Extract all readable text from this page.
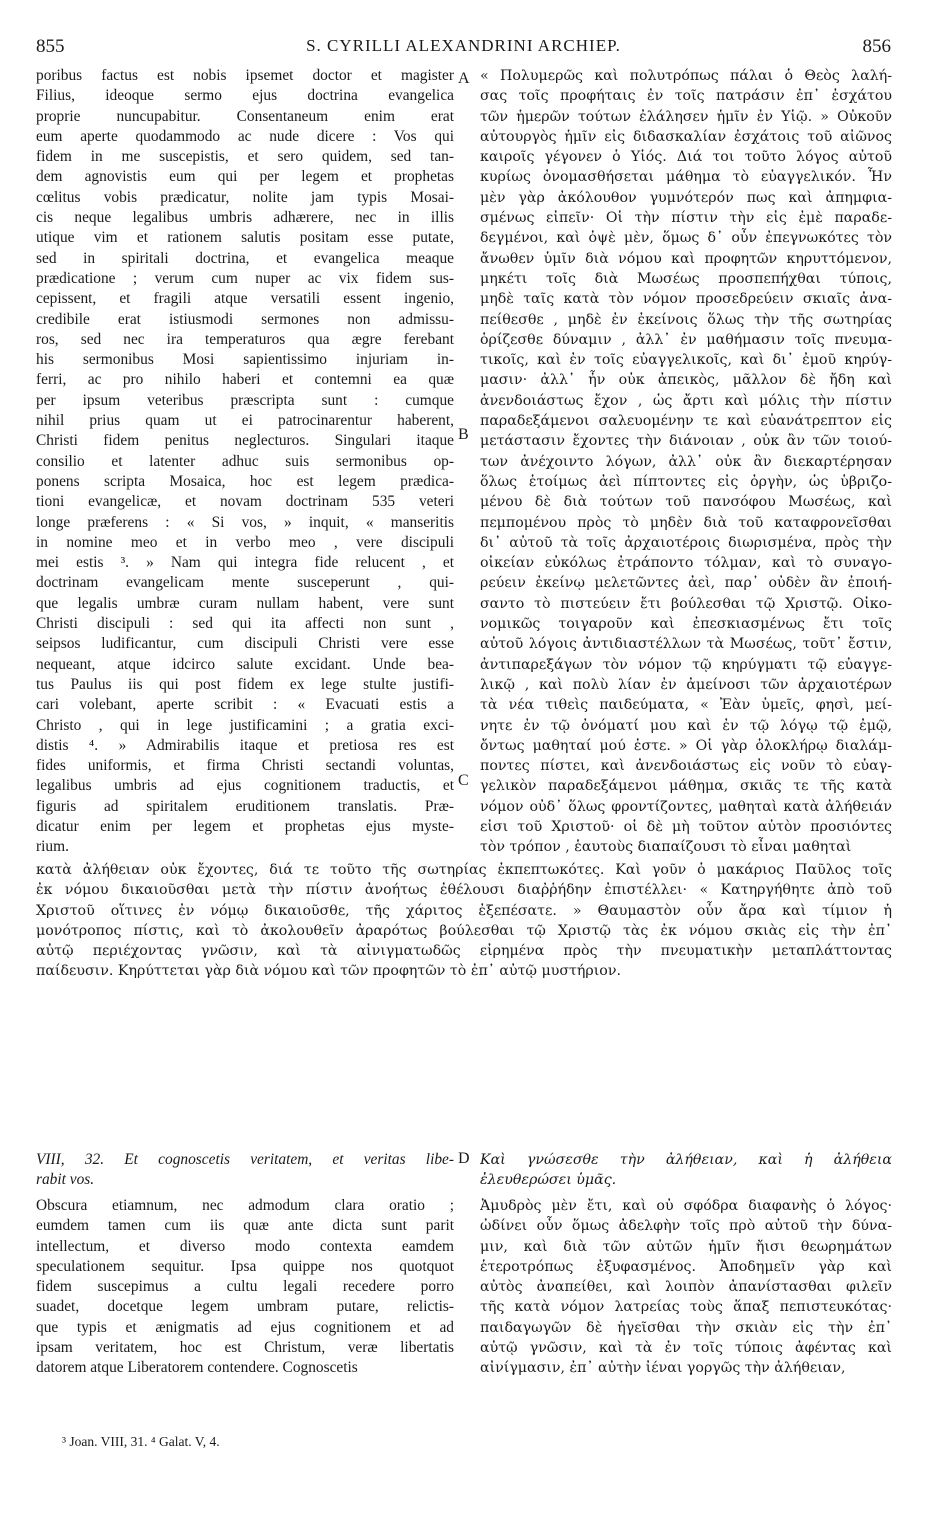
855	S. CYRILLI ALEXANDRINI ARCHIEP.	856
A
B
C
D
poribus factus est nobis ipsemet doctor et magister
Filius, ideoque sermo ejus doctrina evangelica
proprie nuncupabitur. Consentaneum enim erat
eum aperte quodammodo ac nude dicere : Vos qui
fidem in me suscepistis, et sero quidem, sed tan-
dem agnovistis eum qui per legem et prophetas
cœlitus vobis prædicatur, nolite jam typis Mosai-
cis neque legalibus umbris adhærere, nec in illis
utique vim et rationem salutis positam esse putate,
sed in spiritali doctrina, et evangelica meaque
prædicatione ; verum cum nuper ac vix fidem sus-
cepissent, et fragili atque versatili essent ingenio,
credibile erat istiusmodi sermones non admissu-
ros, sed nec ira temperaturos qua ægre ferebant
his sermonibus Mosi sapientissimo injuriam in-
ferri, ac pro nihilo haberi et contemni ea quæ
per ipsum veteribus præscripta sunt : cumque
nihil prius quam ut ei patrocinarentur haberent,
Christi fidem penitus neglecturos. Singulari itaque
consilio et latenter adhuc suis sermonibus op-
ponens scripta Mosaica, hoc est legem prædica-
tioni evangelicæ, et novam doctrinam 535 veteri
longe præferens : « Si vos, » inquit, « manseritis
in nomine meo et in verbo meo , vere discipuli
mei estis ³. » Nam qui integra fide relucent , et
doctrinam evangelicam mente susceperunt , qui-
que legalis umbræ curam nullam habent, vere sunt
Christi discipuli : sed qui ita affecti non sunt ,
seipsos ludificantur, cum discipuli Christi vere esse
nequeant, atque idcirco salute excidant. Unde bea-
tus Paulus iis qui post fidem ex lege stulte justifi-
cari volebant, aperte scribit : « Evacuati estis a
Christo , qui in lege justificamini ; a gratia exci-
distis ⁴. » Admirabilis itaque et pretiosa res est
fides uniformis, et firma Christi sectandi voluntas,
legalibus umbris ad ejus cognitionem traductis, et
figuris ad spiritalem eruditionem translatis. Præ-
dicatur enim per legem et prophetas ejus myste-
rium.
« Πολυμερῶς καὶ πολυτρόπως πάλαι ὁ Θεὸς λαλή-
σας τοῖς προφήταις ἐν τοῖς πατράσιν ἐπ᾽ ἐσχάτου
τῶν ἡμερῶν τούτων ἐλάλησεν ἡμῖν ἐν Υἱῷ. » Οὐκοῦν
αὐτουργὸς ἡμῖν εἰς διδασκαλίαν ἐσχάτοις τοῦ αἰῶνος
καιροῖς γέγονεν ὁ Υἱός. Διά τοι τοῦτο λόγος αὐτοῦ
κυρίως ὀνομασθήσεται μάθημα τὸ εὐαγγελικόν. Ἦν
μὲν γὰρ ἀκόλουθον γυμνότερόν πως καὶ ἀπημφια-
σμένως εἰπεῖν· Οἱ τὴν πίστιν τὴν εἰς ἐμὲ παραδε-
δεγμένοι, καὶ ὀψὲ μὲν, ὅμως δ᾽ οὖν ἐπεγνωκότες τὸν
ἄνωθεν ὑμῖν διὰ νόμου καὶ προφητῶν κηρυττόμενον,
μηκέτι τοῖς διὰ Μωσέως προσπεπήχθαι τύποις,
μηδὲ ταῖς κατὰ τὸν νόμον προσεδρεύειν σκιαῖς ἀνα-
πείθεσθε , μηδὲ ἐν ἐκείνοις ὅλως τὴν τῆς σωτηρίας
ὁρίζεσθε δύναμιν , ἀλλ᾽ ἐν μαθήμασιν τοῖς πνευμα-
τικοῖς, καὶ ἐν τοῖς εὐαγγελικοῖς, καὶ δι᾽ ἐμοῦ κηρύγ-
μασιν· ἀλλ᾽ ἦν οὐκ ἀπεικὸς, μᾶλλον δὲ ἤδη καὶ
ἀνενδοιάστως ἔχον , ὡς ἄρτι καὶ μόλις τὴν πίστιν
παραδεξάμενοι σαλευομένην τε καὶ εὐανάτρεπτον εἰς
μετάστασιν ἔχοντες τὴν διάνοιαν , οὐκ ἂν τῶν τοιού-
των ἀνέχοιντο λόγων, ἀλλ᾽ οὐκ ἂν διεκαρτέρησαν
ὅλως ἑτοίμως ἀεὶ πίπτοντες εἰς ὀργὴν, ὡς ὑβριζο-
μένου δὲ διὰ τούτων τοῦ πανσόφου Μωσέως, καὶ
πεμπομένου πρὸς τὸ μηδὲν διὰ τοῦ καταφρονεῖσθαι
δι᾽ αὐτοῦ τὰ τοῖς ἀρχαιοτέροις διωρισμένα, πρὸς τὴν
οἰκείαν εὐκόλως ἐτράποντο τόλμαν, καὶ τὸ συναγο-
ρεύειν ἐκείνῳ μελετῶντες ἀεὶ, παρ᾽ οὐδὲν ἂν ἐποιή-
σαντο τὸ πιστεύειν ἔτι βούλεσθαι τῷ Χριστῷ. Οἰκο-
νομικῶς τοιγαροῦν καὶ ἐπεσκιασμένως ἔτι τοῖς
αὐτοῦ λόγοις ἀντιδιαστέλλων τὰ Μωσέως, τοῦτ᾽ ἔστιν,
ἀντιπαρεξάγων τὸν νόμον τῷ κηρύγματι τῷ εὐαγγε-
λικῷ , καὶ πολὺ λίαν ἐν ἀμείνοσι τῶν ἀρχαιοτέρων
τὰ νέα τιθεὶς παιδεύματα, « Ἐὰν ὑμεῖς, φησὶ, μεί-
νητε ἐν τῷ ὀνόματί μου καὶ ἐν τῷ λόγῳ τῷ ἐμῷ,
ὄντως μαθηταί μού ἐστε. » Οἱ γὰρ ὁλοκλήρῳ διαλάμ-
ποντες πίστει, καὶ ἀνενδοιάστως εἰς νοῦν τὸ εὐαγ-
γελικὸν παραδεξάμενοι μάθημα, σκιᾶς τε τῆς κατὰ
νόμον οὐδ᾽ ὅλως φροντίζοντες, μαθηταὶ κατὰ ἀλήθειάν
εἰσι τοῦ Χριστοῦ· οἱ δὲ μὴ τοῦτον αὐτὸν προσιόντες
τὸν τρόπον , ἑαυτοὺς διαπαίζουσι τὸ εἶναι μαθηταὶ
κατὰ ἀλήθειαν οὐκ ἔχοντες, διά τε τοῦτο τῆς σωτηρίας ἐκπεπτωκότες. Καὶ γοῦν ὁ μακάριος Παῦλος τοῖς
ἐκ νόμου δικαιοῦσθαι μετὰ τὴν πίστιν ἀνοήτως ἐθέλουσι διαῤῥήδην ἐπιστέλλει· « Κατηργήθητε ἀπὸ τοῦ
Χριστοῦ οἵτινες ἐν νόμῳ δικαιοῦσθε, τῆς χάριτος ἐξεπέσατε. » Θαυμαστὸν οὖν ἄρα καὶ τίμιον ἡ
μονότροπος πίστις, καὶ τὸ ἀκολουθεῖν ἀραρότως βούλεσθαι τῷ Χριστῷ τὰς ἐκ νόμου σκιὰς εἰς τὴν ἐπ᾽
αὐτῷ περιέχοντας γνῶσιν, καὶ τὰ αἰνιγματωδῶς εἰρημένα πρὸς τὴν πνευματικὴν μεταπλάττοντας
παίδευσιν. Κηρύττεται γὰρ διὰ νόμου καὶ τῶν προφητῶν τὸ ἐπ᾽ αὐτῷ μυστήριον.
VIII, 32. Et cognoscetis veritatem, et veritas libe-
rabit vos.
Καὶ γνώσεσθε τὴν ἀλήθειαν, καὶ ἡ ἀλήθεια
ἐλευθερώσει ὑμᾶς.
Obscura etiamnum, nec admodum clara oratio ;
eumdem tamen cum iis quæ ante dicta sunt parit
intellectum, et diverso modo contexta eamdem
speculationem sequitur. Ipsa quippe nos quotquot
fidem suscepimus a cultu legali recedere porro
suadet, docetque legem umbram putare, relictis-
que typis et ænigmatis ad ejus cognitionem et ad
ipsam veritatem, hoc est Christum, veræ libertatis
datorem atque Liberatorem contendere. Cognoscetis
Ἀμυδρὸς μὲν ἔτι, καὶ οὐ σφόδρα διαφανὴς ὁ λόγος·
ὠδίνει οὖν ὅμως ἀδελφὴν τοῖς πρὸ αὐτοῦ τὴν δύνα-
μιν, καὶ διὰ τῶν αὐτῶν ἡμῖν ἤισι θεωρημάτων
ἑτεροτρόπως ἐξυφασμένος. Ἀποδημεῖν γὰρ καὶ
αὐτὸς ἀναπείθει, καὶ λοιπὸν ἀπανίστασθαι φιλεῖν
τῆς κατὰ νόμον λατρείας τοὺς ἅπαξ πεπιστευκότας·
παιδαγωγῶν δὲ ἡγεῖσθαι τὴν σκιὰν εἰς τὴν ἐπ᾽
αὐτῷ γνῶσιν, καὶ τὰ ἐν τοῖς τύποις ἀφέντας καὶ
αἰνίγμασιν, ἐπ᾽ αὐτὴν ἰέναι γοργῶς τὴν ἀλήθειαν,
³ Joan. VIII, 31. ⁴ Galat. V, 4.
